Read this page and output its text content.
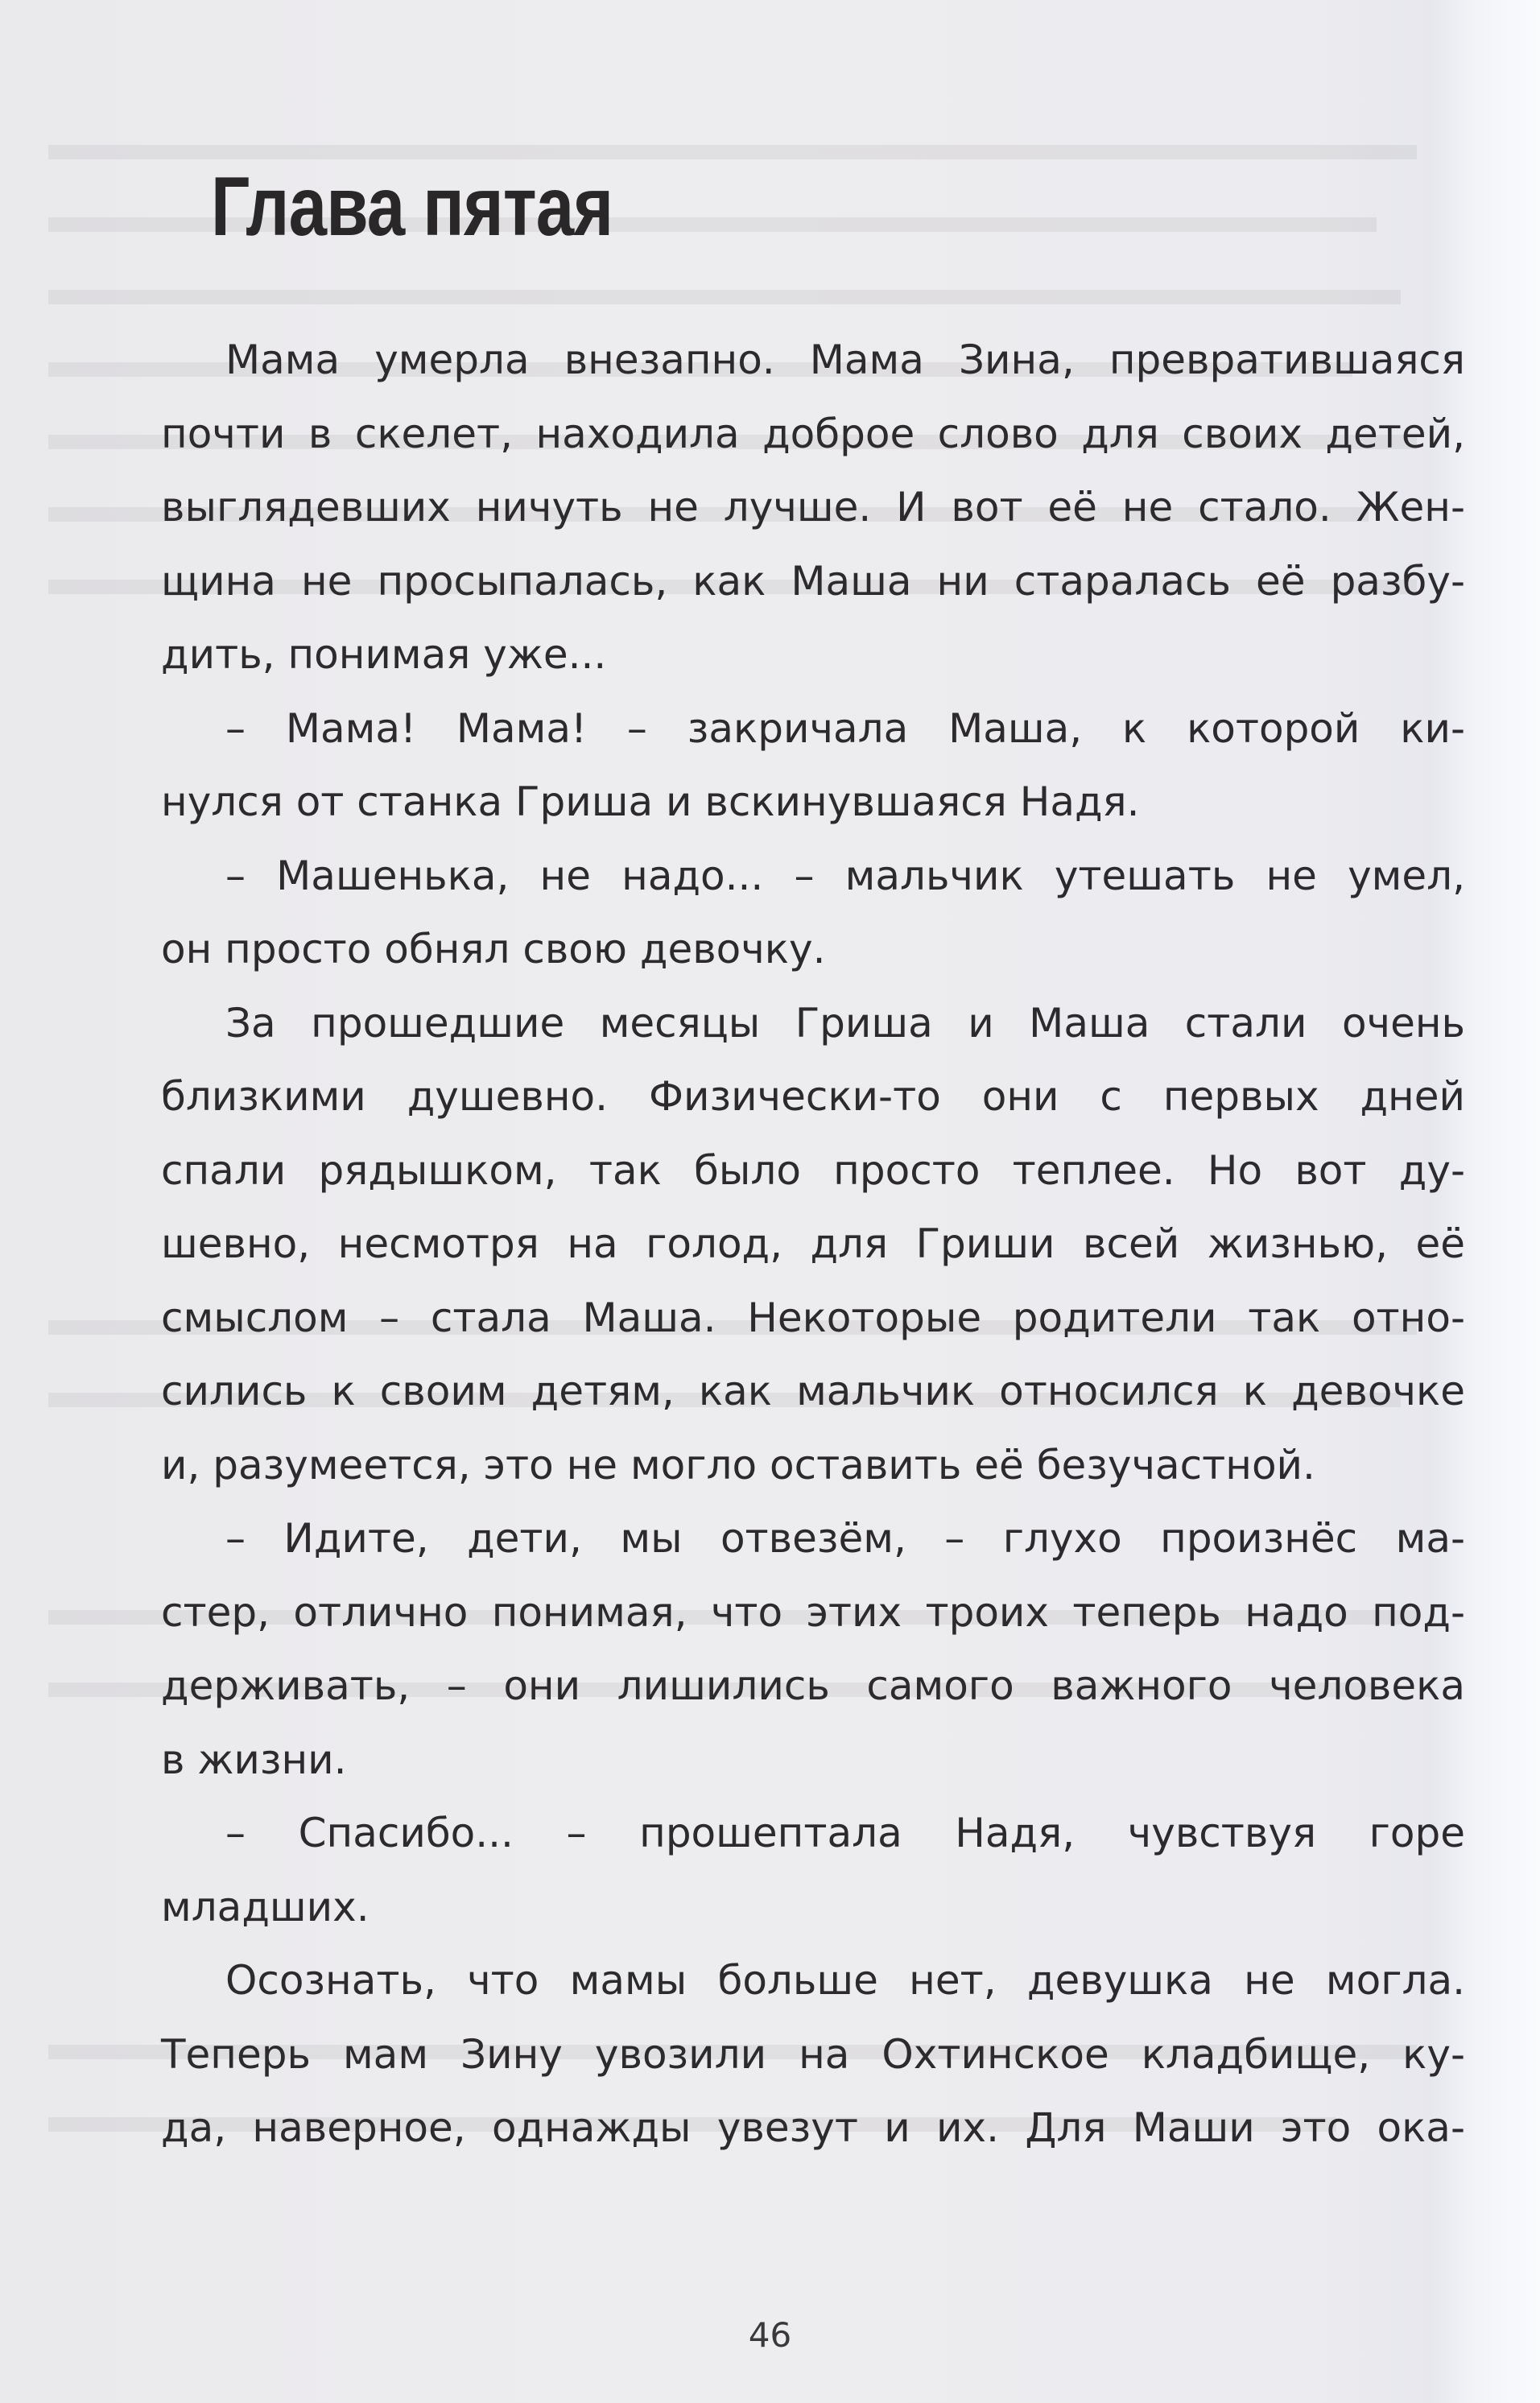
Глава пятая
Мама умерла внезапно. Мама Зина, превратившаяся
почти в скелет, находила доброе слово для своих детей,
выглядевших ничуть не лучше. И вот её не стало. Жен-
щина не просыпалась, как Маша ни старалась её разбу-
дить, понимая уже...
– Мама! Мама! – закричала Маша, к которой ки-
нулся от станка Гриша и вскинувшаяся Надя.
– Машенька, не надо... – мальчик утешать не умел,
он просто обнял свою девочку.
За прошедшие месяцы Гриша и Маша стали очень
близкими душевно. Физически-то они с первых дней
спали рядышком, так было просто теплее. Но вот ду-
шевно, несмотря на голод, для Гриши всей жизнью, её
смыслом – стала Маша. Некоторые родители так отно-
сились к своим детям, как мальчик относился к девочке
и, разумеется, это не могло оставить её безучастной.
– Идите, дети, мы отвезём, – глухо произнёс ма-
стер, отлично понимая, что этих троих теперь надо под-
держивать, – они лишились самого важного человека
в жизни.
– Спасибо... – прошептала Надя, чувствуя горе
младших.
Осознать, что мамы больше нет, девушка не могла.
Теперь мам Зину увозили на Охтинское кладбище, ку-
да, наверное, однажды увезут и их. Для Маши это ока-
46
